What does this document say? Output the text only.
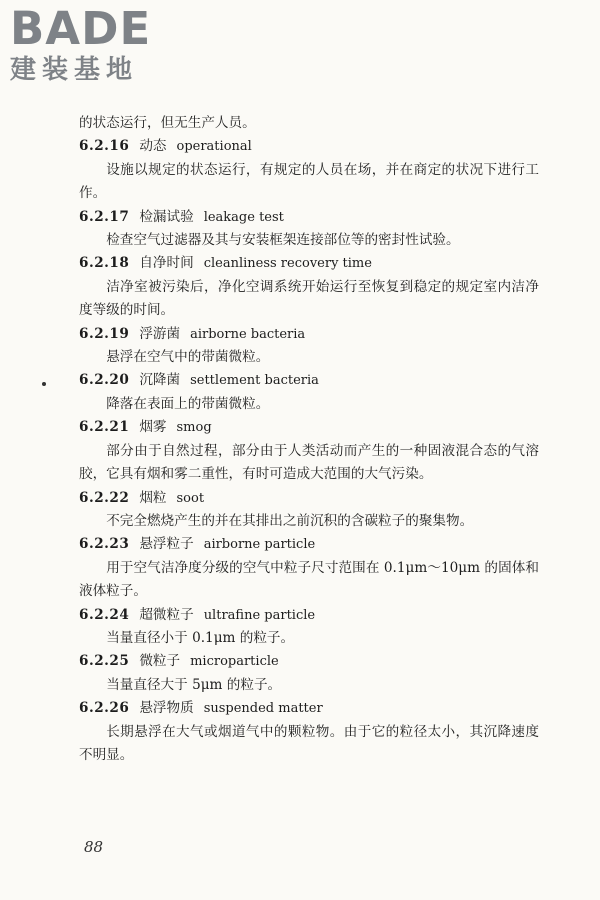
BADE
建装基地
的状态运行，但无生产人员。
6.2.16 动态 operational
设施以规定的状态运行，有规定的人员在场，并在商定的状况下进行工作。
6.2.17 检漏试验 leakage test
检查空气过滤器及其与安装框架连接部位等的密封性试验。
6.2.18 自净时间 cleanliness recovery time
洁净室被污染后，净化空调系统开始运行至恢复到稳定的规定室内洁净度等级的时间。
6.2.19 浮游菌 airborne bacteria
悬浮在空气中的带菌微粒。
6.2.20 沉降菌 settlement bacteria
降落在表面上的带菌微粒。
6.2.21 烟雾 smog
部分由于自然过程，部分由于人类活动而产生的一种固液混合态的气溶胶，它具有烟和雾二重性，有时可造成大范围的大气污染。
6.2.22 烟粒 soot
不完全燃烧产生的并在其排出之前沉积的含碳粒子的聚集物。
6.2.23 悬浮粒子 airborne particle
用于空气洁净度分级的空气中粒子尺寸范围在 0.1μm～10μm 的固体和液体粒子。
6.2.24 超微粒子 ultrafine particle
当量直径小于 0.1μm 的粒子。
6.2.25 微粒子 microparticle
当量直径大于 5μm 的粒子。
6.2.26 悬浮物质 suspended matter
长期悬浮在大气或烟道气中的颗粒物。由于它的粒径太小，其沉降速度不明显。
88
